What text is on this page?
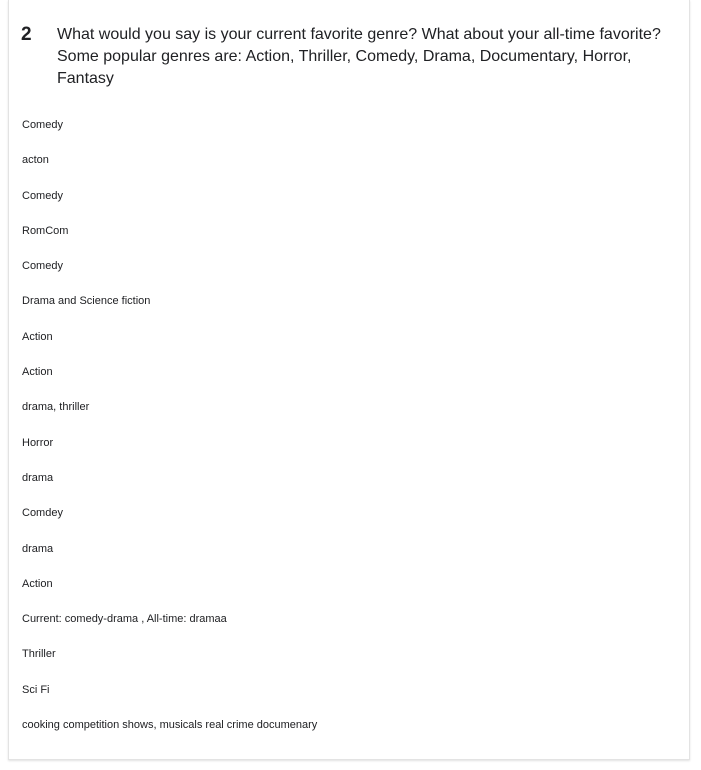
2	What would you say is your current favorite genre? What about your all-time favorite? Some popular genres are: Action, Thriller, Comedy, Drama, Documentary, Horror, Fantasy
Comedy
acton
Comedy
RomCom
Comedy
Drama and Science fiction
Action
Action
drama, thriller
Horror
drama
Comdey
drama
Action
Current: comedy-drama , All-time: dramaa
Thriller
Sci Fi
cooking competition shows, musicals real crime documenary
